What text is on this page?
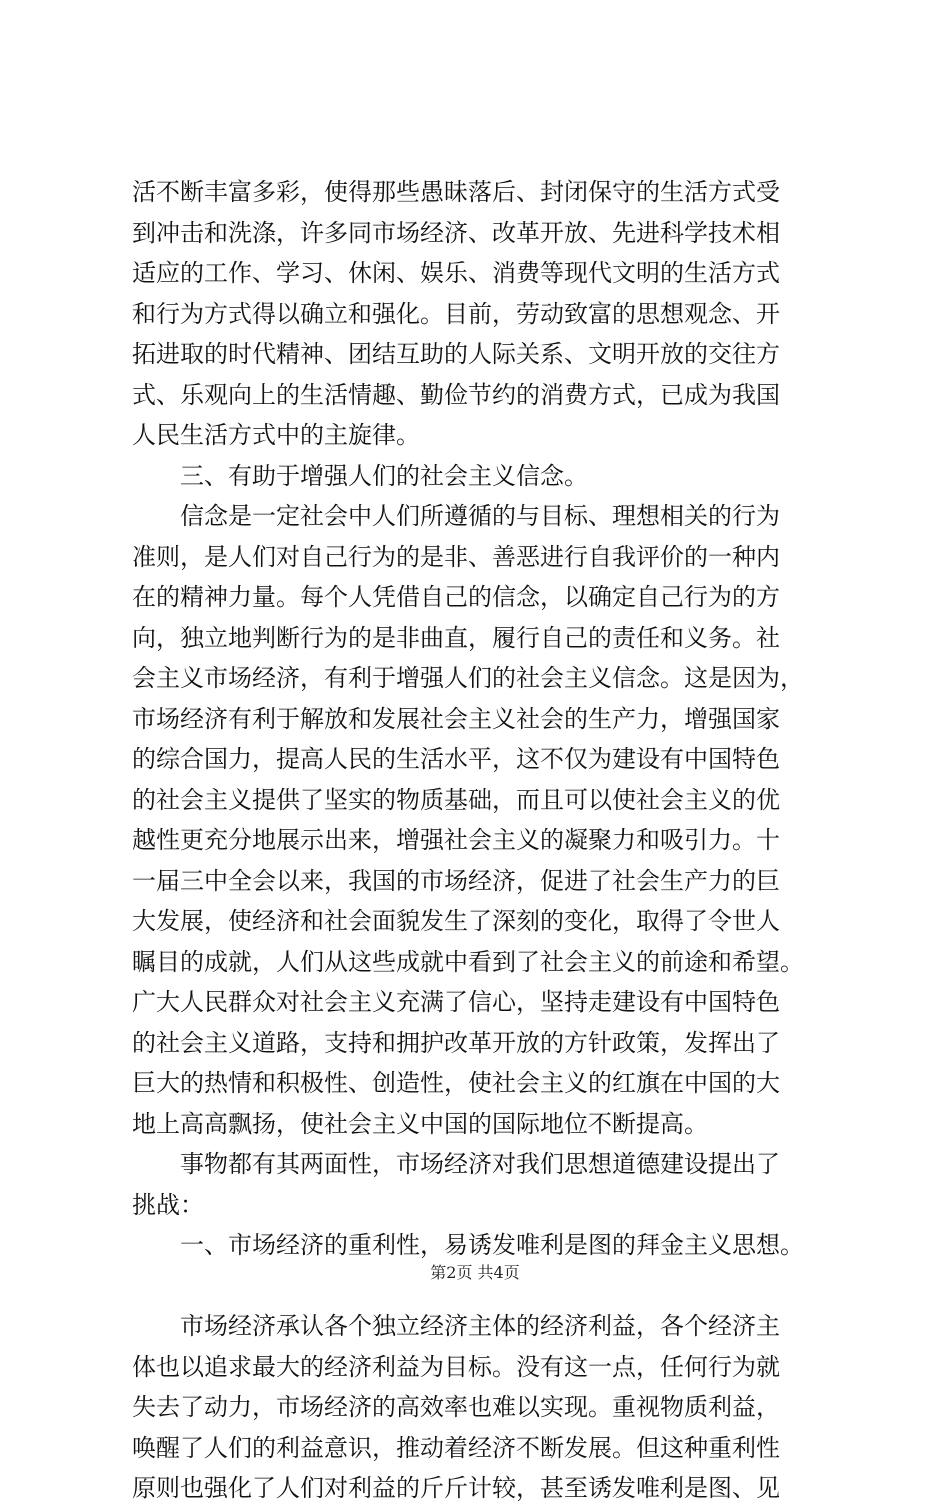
活不断丰富多彩，使得那些愚昧落后、封闭保守的生活方式受
到冲击和洗涤，许多同市场经济、改革开放、先进科学技术相
适应的工作、学习、休闲、娱乐、消费等现代文明的生活方式
和行为方式得以确立和强化。目前，劳动致富的思想观念、开
拓进取的时代精神、团结互助的人际关系、文明开放的交往方
式、乐观向上的生活情趣、勤俭节约的消费方式，已成为我国
人民生活方式中的主旋律。
三、有助于增强人们的社会主义信念。
信念是一定社会中人们所遵循的与目标、理想相关的行为
准则，是人们对自己行为的是非、善恶进行自我评价的一种内
在的精神力量。每个人凭借自己的信念，以确定自己行为的方
向，独立地判断行为的是非曲直，履行自己的责任和义务。社
会主义市场经济，有利于增强人们的社会主义信念。这是因为，
市场经济有利于解放和发展社会主义社会的生产力，增强国家
的综合国力，提高人民的生活水平，这不仅为建设有中国特色
的社会主义提供了坚实的物质基础，而且可以使社会主义的优
越性更充分地展示出来，增强社会主义的凝聚力和吸引力。十
一届三中全会以来，我国的市场经济，促进了社会生产力的巨
大发展，使经济和社会面貌发生了深刻的变化，取得了令世人
瞩目的成就，人们从这些成就中看到了社会主义的前途和希望。
广大人民群众对社会主义充满了信心，坚持走建设有中国特色
的社会主义道路，支持和拥护改革开放的方针政策，发挥出了
巨大的热情和积极性、创造性，使社会主义的红旗在中国的大
地上高高飘扬，使社会主义中国的国际地位不断提高。
事物都有其两面性，市场经济对我们思想道德建设提出了
挑战：
一、市场经济的重利性，易诱发唯利是图的拜金主义思想。
市场经济承认各个独立经济主体的经济利益，各个经济主
体也以追求最大的经济利益为目标。没有这一点，任何行为就
失去了动力，市场经济的高效率也难以实现。重视物质利益，
唤醒了人们的利益意识，推动着经济不断发展。但这种重利性
原则也强化了人们对利益的斤斤计较，甚至诱发唯利是图、见
第2页 共4页
